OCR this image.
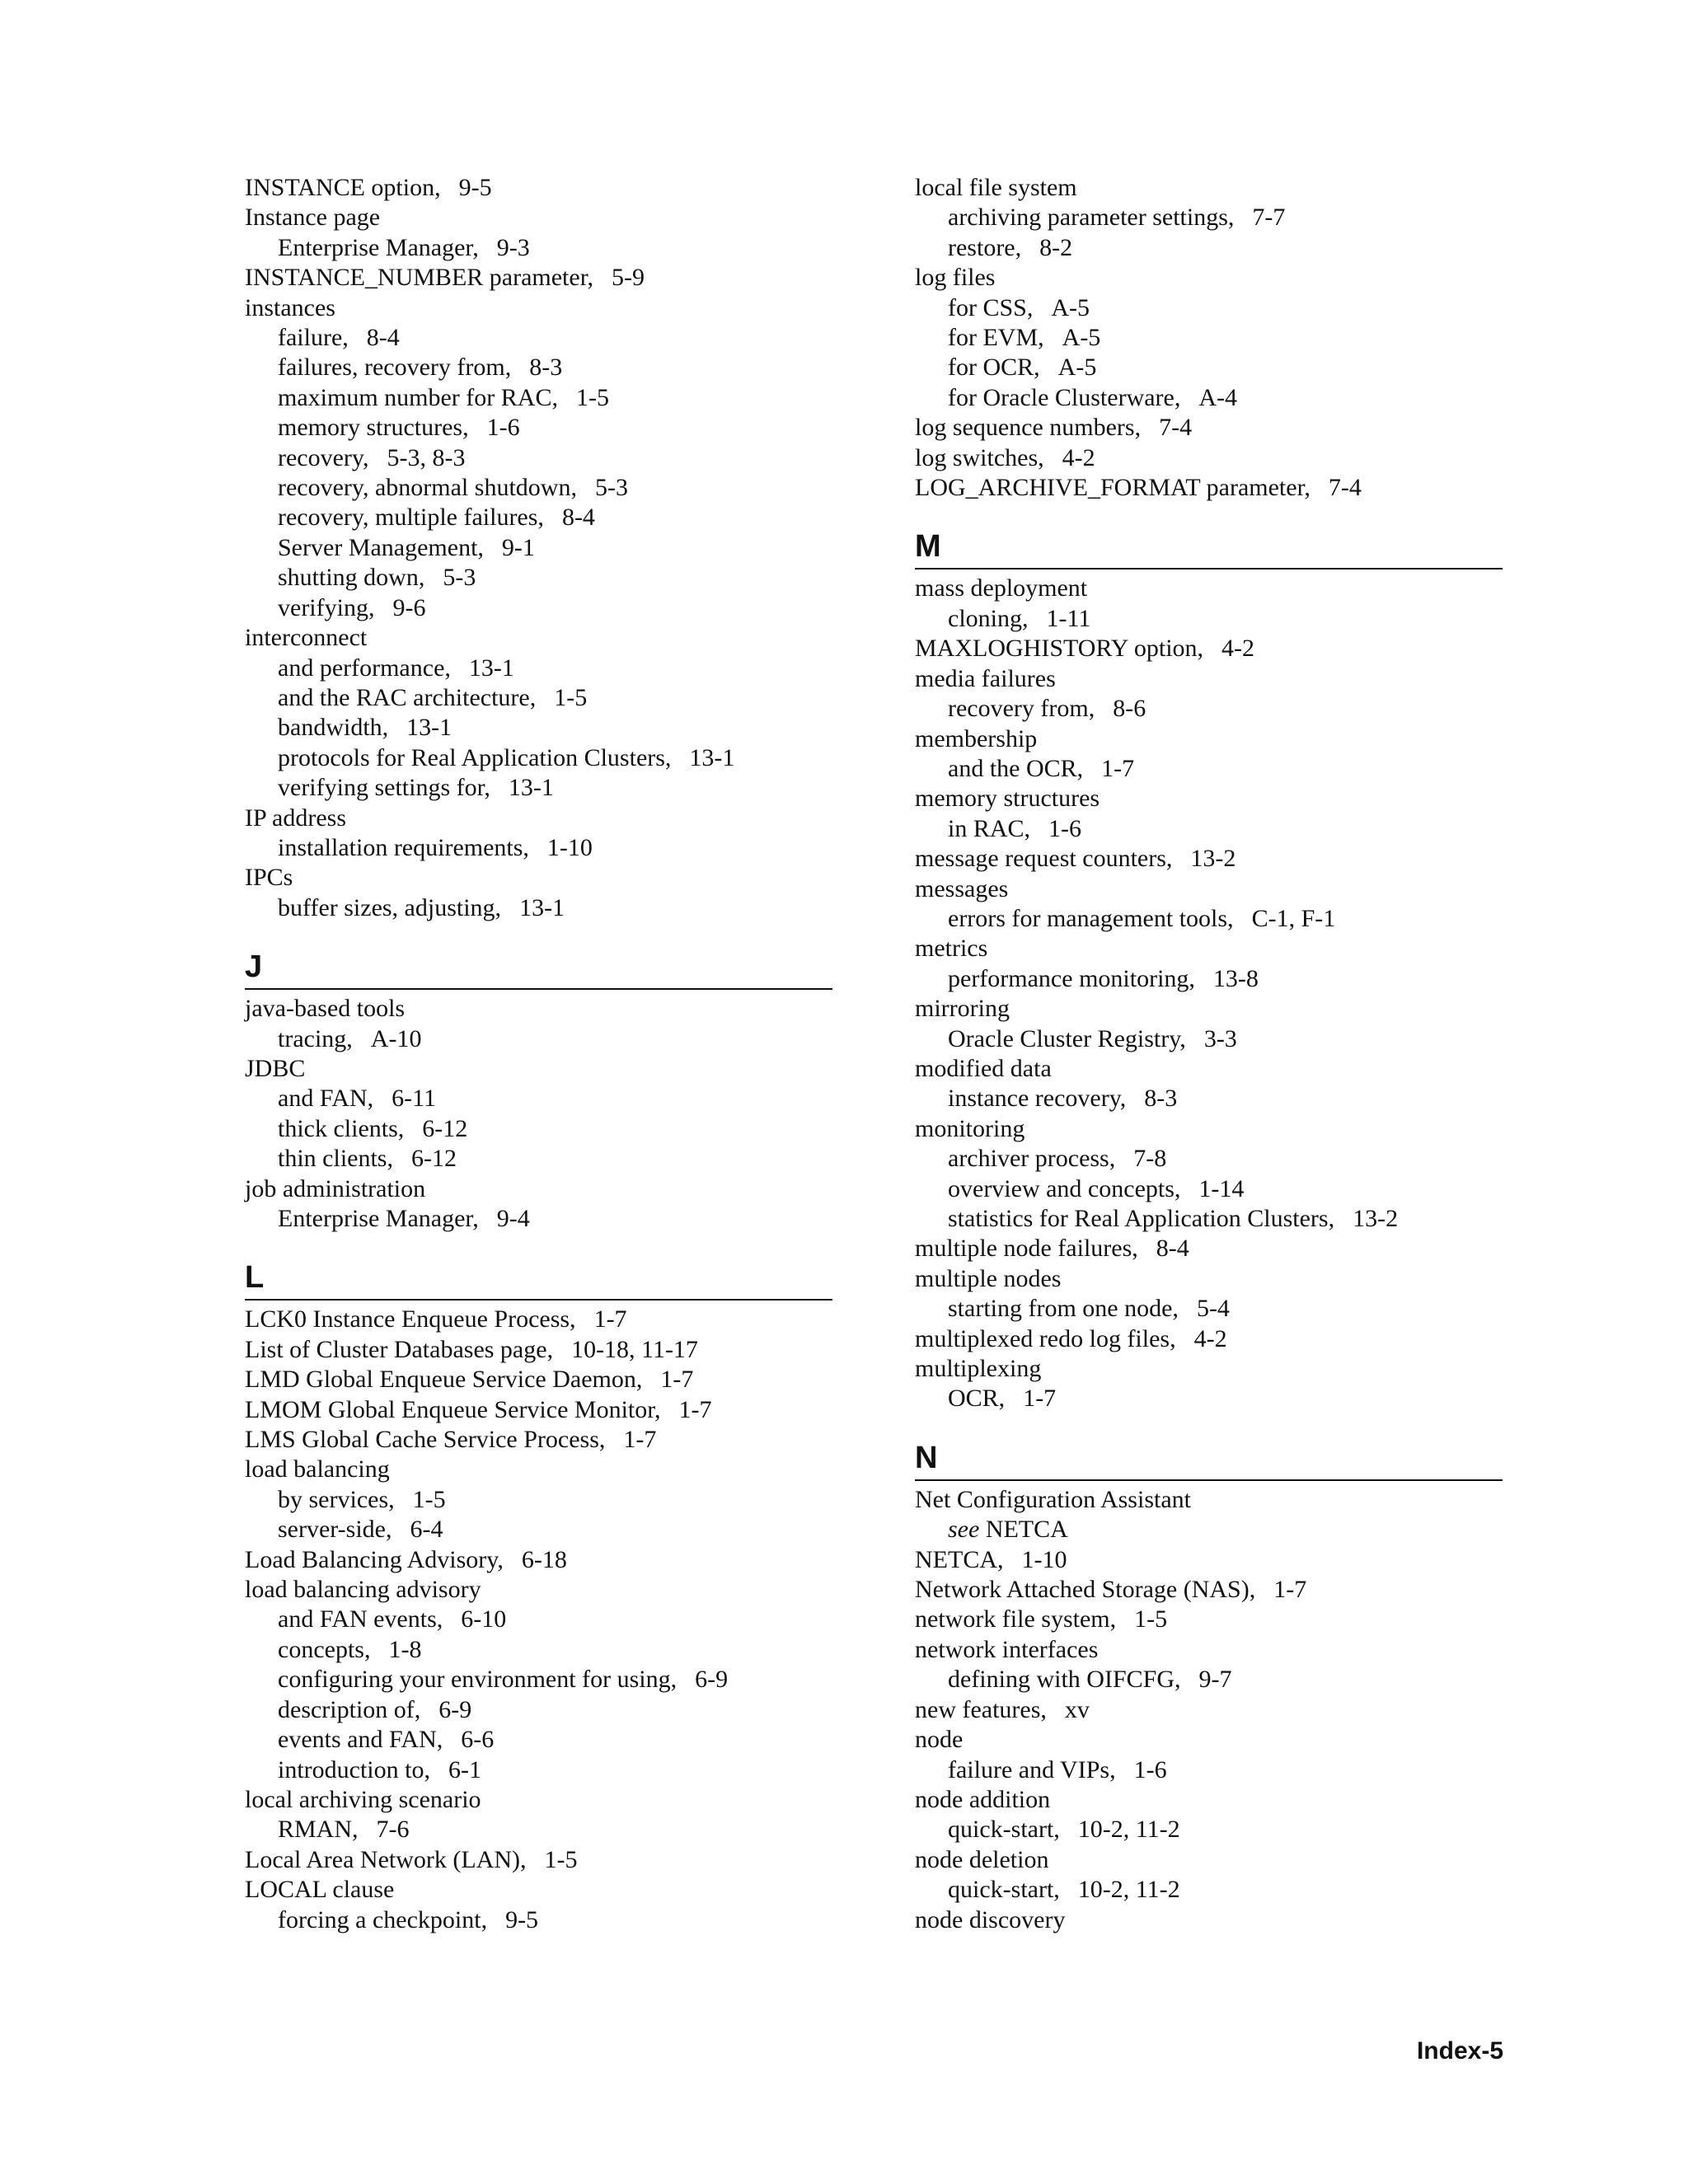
INSTANCE option, 9-5
Instance page
Enterprise Manager, 9-3
INSTANCE_NUMBER parameter, 5-9
instances
failure, 8-4
failures, recovery from, 8-3
maximum number for RAC, 1-5
memory structures, 1-6
recovery, 5-3, 8-3
recovery, abnormal shutdown, 5-3
recovery, multiple failures, 8-4
Server Management, 9-1
shutting down, 5-3
verifying, 9-6
interconnect
and performance, 13-1
and the RAC architecture, 1-5
bandwidth, 13-1
protocols for Real Application Clusters, 13-1
verifying settings for, 13-1
IP address
installation requirements, 1-10
IPCs
buffer sizes, adjusting, 13-1
J
java-based tools
tracing, A-10
JDBC
and FAN, 6-11
thick clients, 6-12
thin clients, 6-12
job administration
Enterprise Manager, 9-4
L
LCK0 Instance Enqueue Process, 1-7
List of Cluster Databases page, 10-18, 11-17
LMD Global Enqueue Service Daemon, 1-7
LMOM Global Enqueue Service Monitor, 1-7
LMS Global Cache Service Process, 1-7
load balancing
by services, 1-5
server-side, 6-4
Load Balancing Advisory, 6-18
load balancing advisory
and FAN events, 6-10
concepts, 1-8
configuring your environment for using, 6-9
description of, 6-9
events and FAN, 6-6
introduction to, 6-1
local archiving scenario
RMAN, 7-6
Local Area Network (LAN), 1-5
LOCAL clause
forcing a checkpoint, 9-5
local file system
archiving parameter settings, 7-7
restore, 8-2
log files
for CSS, A-5
for EVM, A-5
for OCR, A-5
for Oracle Clusterware, A-4
log sequence numbers, 7-4
log switches, 4-2
LOG_ARCHIVE_FORMAT parameter, 7-4
M
mass deployment
cloning, 1-11
MAXLOGHISTORY option, 4-2
media failures
recovery from, 8-6
membership
and the OCR, 1-7
memory structures
in RAC, 1-6
message request counters, 13-2
messages
errors for management tools, C-1, F-1
metrics
performance monitoring, 13-8
mirroring
Oracle Cluster Registry, 3-3
modified data
instance recovery, 8-3
monitoring
archiver process, 7-8
overview and concepts, 1-14
statistics for Real Application Clusters, 13-2
multiple node failures, 8-4
multiple nodes
starting from one node, 5-4
multiplexed redo log files, 4-2
multiplexing
OCR, 1-7
N
Net Configuration Assistant
see NETCA
NETCA, 1-10
Network Attached Storage (NAS), 1-7
network file system, 1-5
network interfaces
defining with OIFCFG, 9-7
new features, xv
node
failure and VIPs, 1-6
node addition
quick-start, 10-2, 11-2
node deletion
quick-start, 10-2, 11-2
node discovery
Index-5
